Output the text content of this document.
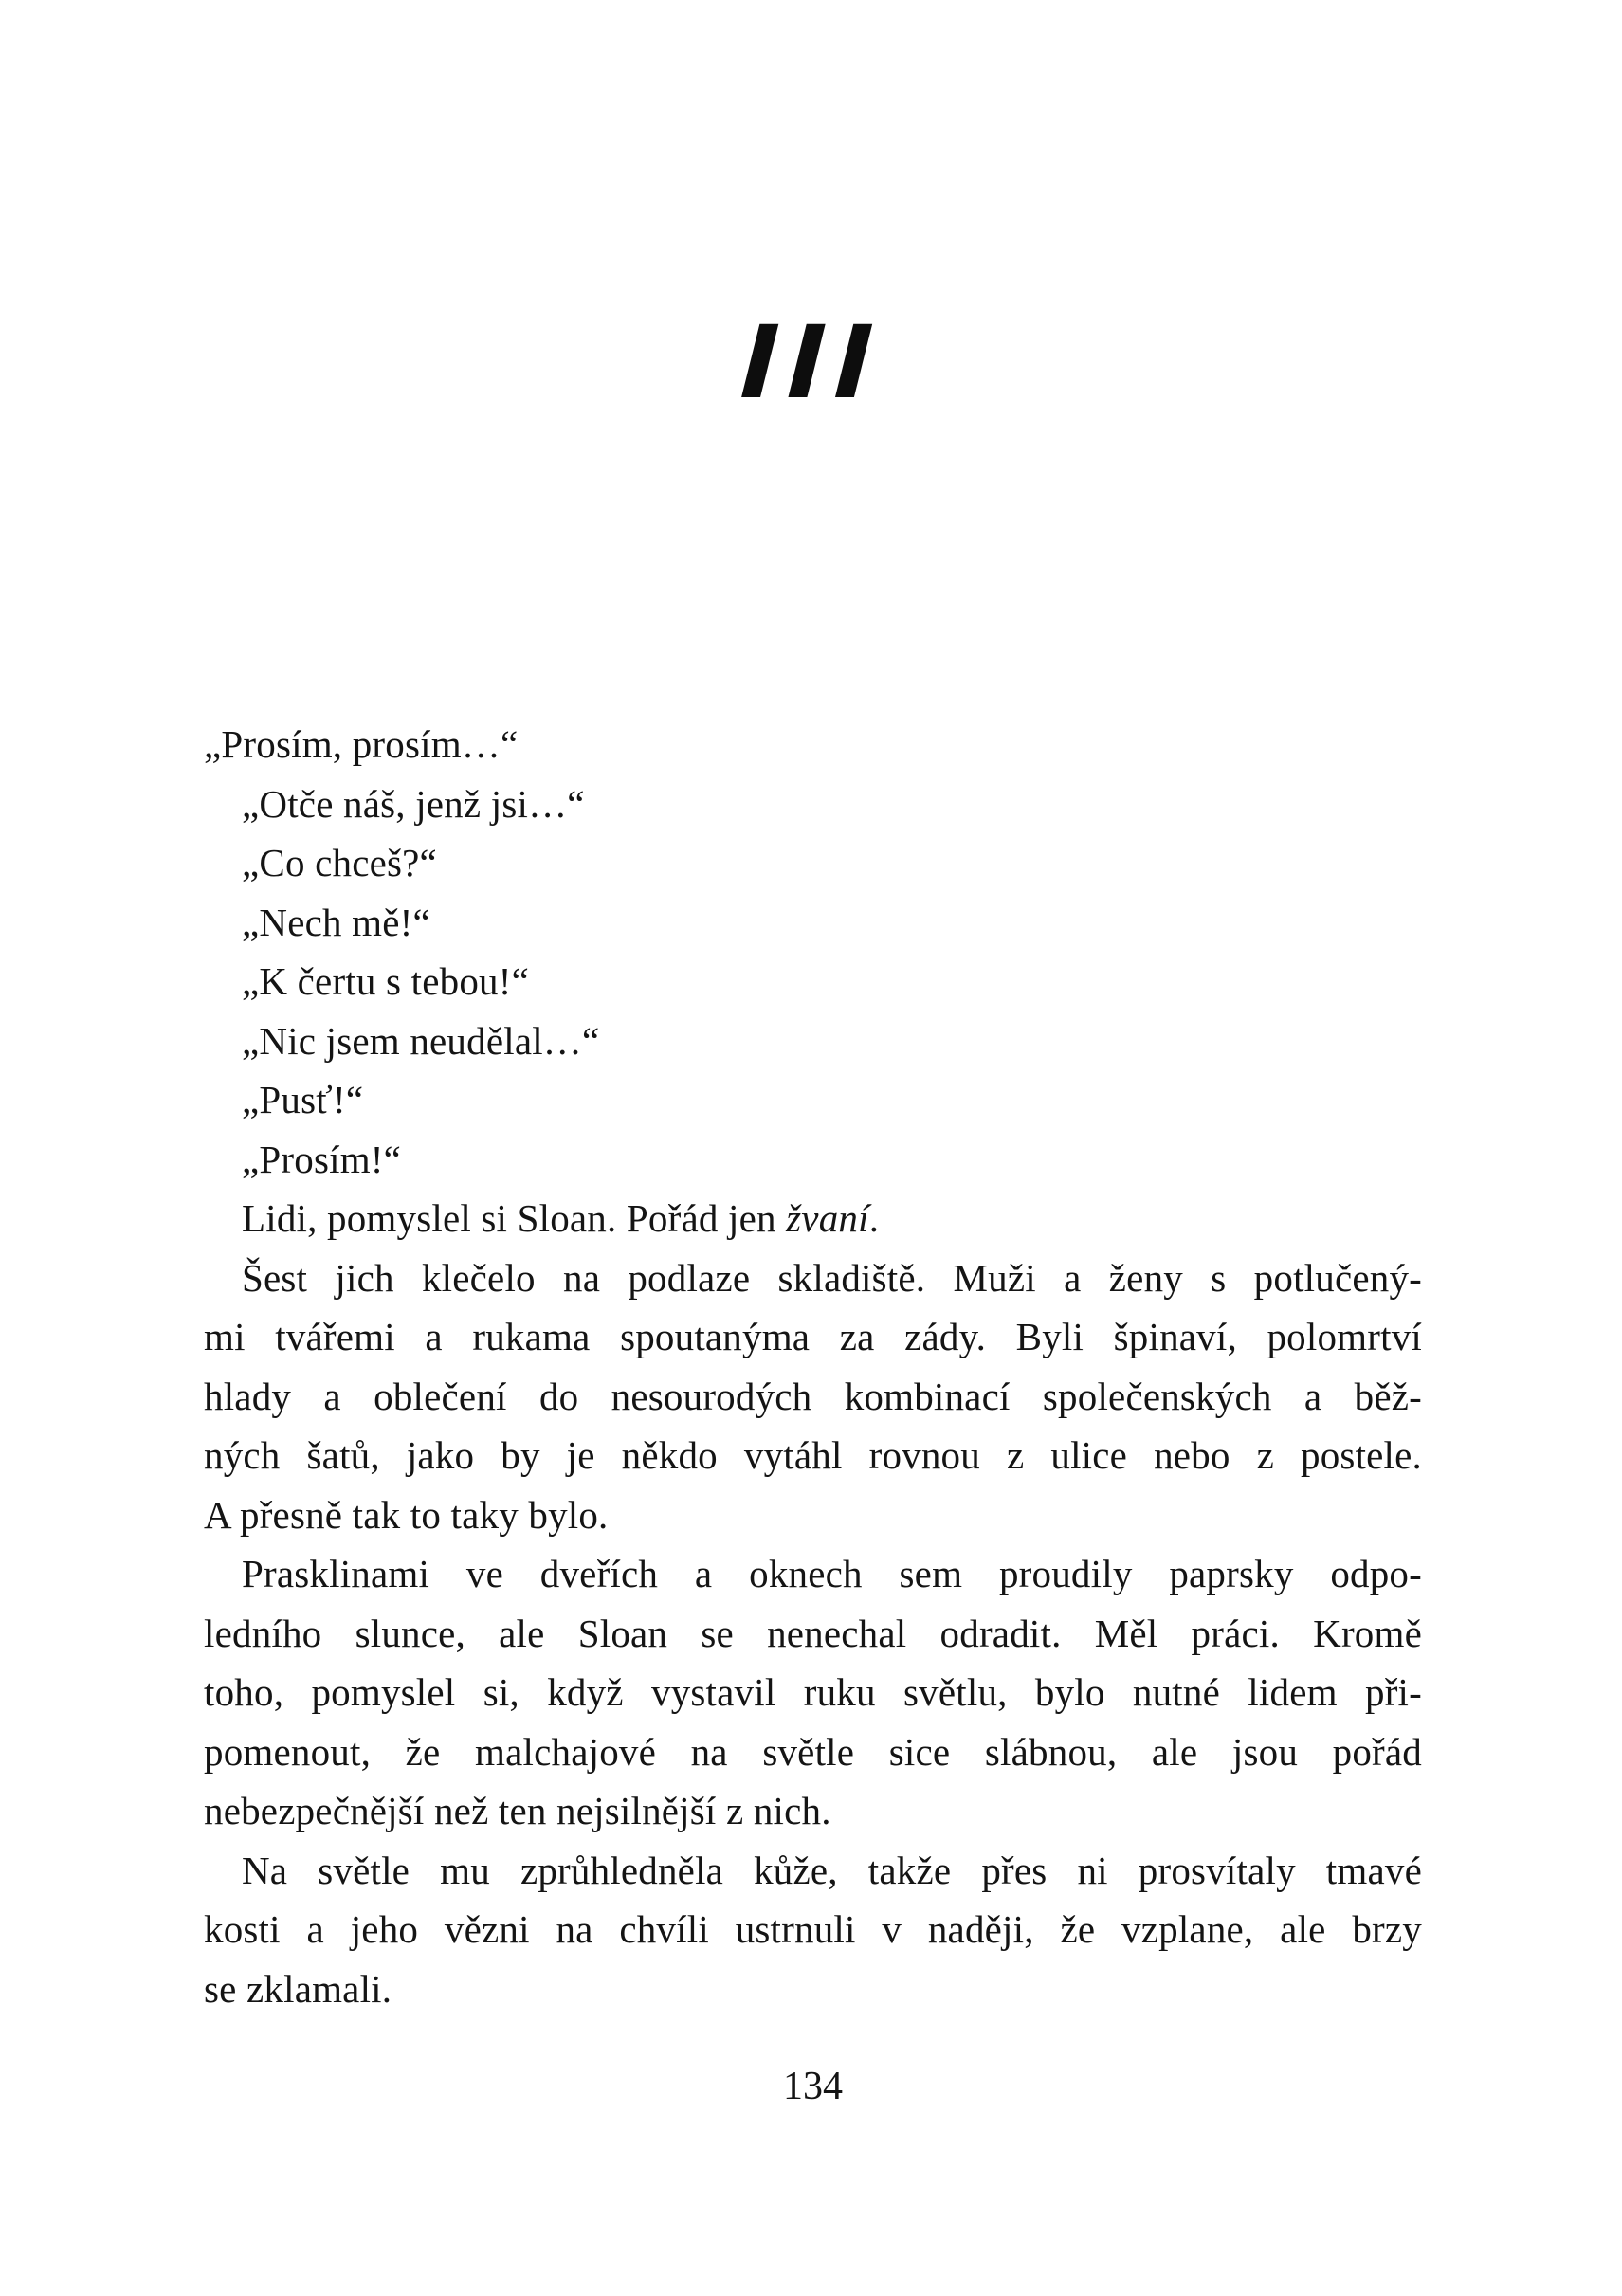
III
„Prosím, prosím…“
„Otče náš, jenž jsi…“
„Co chceš?“
„Nech mě!“
„K čertu s tebou!“
„Nic jsem neudělal…“
„Pusť!“
„Prosím!“
Lidi, pomyslel si Sloan. Pořád jen žvaní.
Šest jich klečelo na podlaze skladiště. Muži a ženy s potlučený-
mi tvářemi a rukama spoutanýma za zády. Byli špinaví, polomrtví
hlady a oblečení do nesourodých kombinací společenských a běž-
ných šatů, jako by je někdo vytáhl rovnou z ulice nebo z postele.
A přesně tak to taky bylo.
Prasklinami ve dveřích a oknech sem proudily paprsky odpo-
ledního slunce, ale Sloan se nenechal odradit. Měl práci. Kromě
toho, pomyslel si, když vystavil ruku světlu, bylo nutné lidem při-
pomenout, že malchajové na světle sice slábnou, ale jsou pořád
nebezpečnější než ten nejsilnější z nich.
Na světle mu zprůhledněla kůže, takže přes ni prosvítaly tmavé
kosti a jeho vězni na chvíli ustrnuli v naději, že vzplane, ale brzy
se zklamali.
134
